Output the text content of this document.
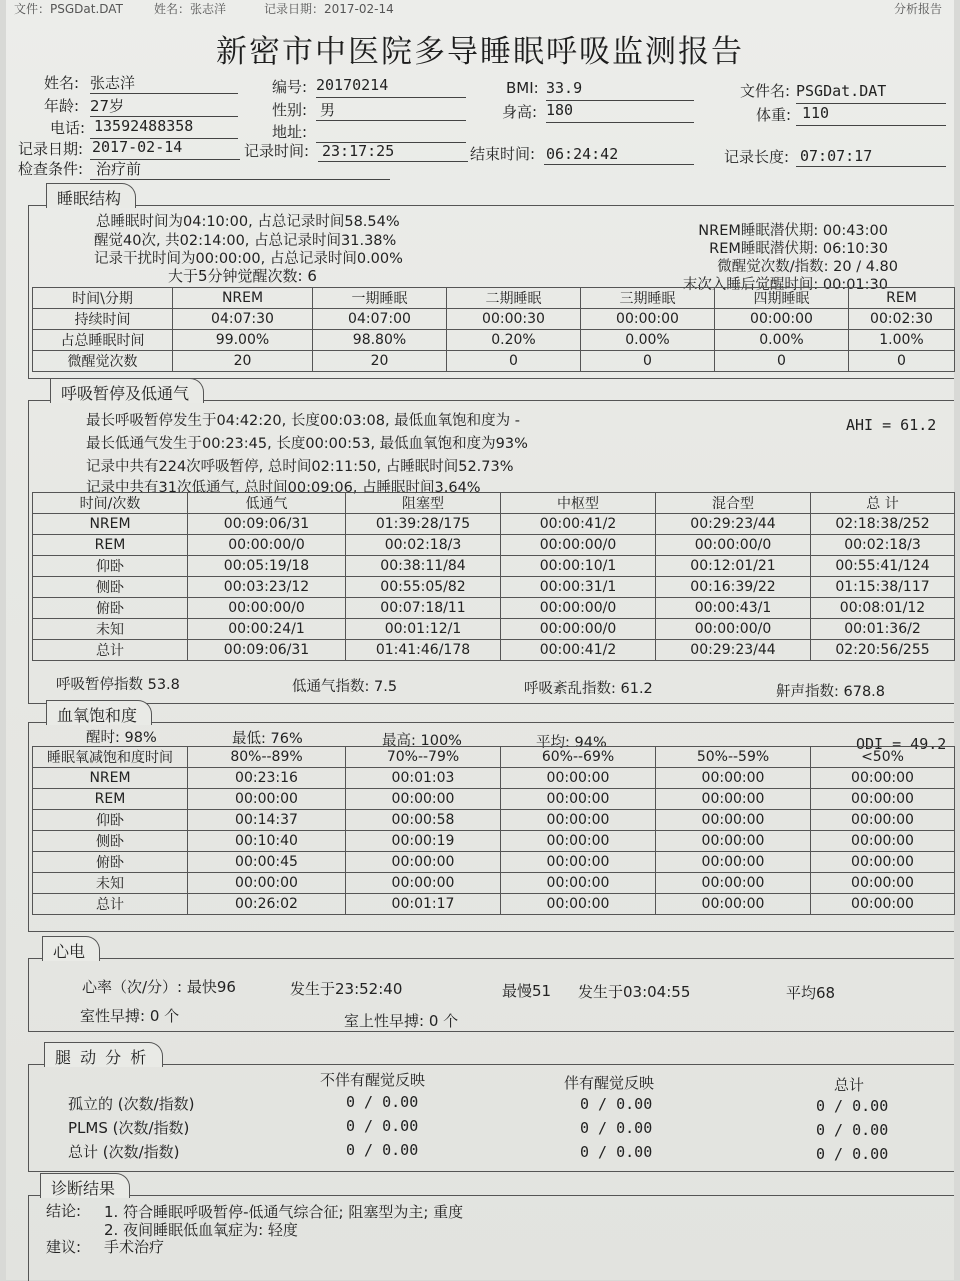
文件：PSGDat.DAT	姓名：张志洋	记录日期：2017-02-14	分析报告
新密市中医院多导睡眠呼吸监测报告
姓名: 张志洋	编号: 20170214	BMI: 33.9	文件名: PSGDat.DAT
年龄: 27岁	性别: 男	身高: 180	体重: 110
电话: 13592488358	地址:
记录日期: 2017-02-14	记录时间: 23:17:25	结束时间: 06:24:42	记录长度: 07:07:17
检查条件: 治疗前
睡眠结构
总睡眠时间为04:10:00, 占总记录时间58.54%
醒觉40次, 共02:14:00, 占总记录时间31.38%
记录干扰时间为00:00:00, 占总记录时间0.00%
大于5分钟觉醒次数: 6
NREM睡眠潜伏期: 00:43:00
REM睡眠潜伏期: 06:10:30
微醒觉次数/指数: 20 / 4.80
末次入睡后觉醒时间: 00:01:30
时间\分期	NREM	一期睡眠	二期睡眠	三期睡眠	四期睡眠	REM
持续时间	04:07:30	04:07:00	00:00:30	00:00:00	00:00:00	00:02:30
占总睡眠时间	99.00%	98.80%	0.20%	0.00%	0.00%	1.00%
微醒觉次数	20	20	0	0	0	0
呼吸暂停及低通气
最长呼吸暂停发生于04:42:20, 长度00:03:08, 最低血氧饱和度为 -
最长低通气发生于00:23:45, 长度00:00:53, 最低血氧饱和度为93%
记录中共有224次呼吸暂停, 总时间02:11:50, 占睡眠时间52.73%
记录中共有31次低通气, 总时间00:09:06, 占睡眠时间3.64%
AHI = 61.2
时间/次数	低通气	阻塞型	中枢型	混合型	总 计
NREM	00:09:06/31	01:39:28/175	00:00:41/2	00:29:23/44	02:18:38/252
REM	00:00:00/0	00:02:18/3	00:00:00/0	00:00:00/0	00:02:18/3
仰卧	00:05:19/18	00:38:11/84	00:00:10/1	00:12:01/21	00:55:41/124
侧卧	00:03:23/12	00:55:05/82	00:00:31/1	00:16:39/22	01:15:38/117
俯卧	00:00:00/0	00:07:18/11	00:00:00/0	00:00:43/1	00:08:01/12
未知	00:00:24/1	00:01:12/1	00:00:00/0	00:00:00/0	00:01:36/2
总计	00:09:06/31	01:41:46/178	00:00:41/2	00:29:23/44	02:20:56/255
呼吸暂停指数 53.8	低通气指数: 7.5	呼吸紊乱指数: 61.2	鼾声指数: 678.8
血氧饱和度
醒时: 98%	最低: 76%	最高: 100%	平均: 94%	ODI = 49.2
睡眠氧减饱和度时间	80%--89%	70%--79%	60%--69%	50%--59%	<50%
NREM	00:23:16	00:01:03	00:00:00	00:00:00	00:00:00
REM	00:00:00	00:00:00	00:00:00	00:00:00	00:00:00
仰卧	00:14:37	00:00:58	00:00:00	00:00:00	00:00:00
侧卧	00:10:40	00:00:19	00:00:00	00:00:00	00:00:00
俯卧	00:00:45	00:00:00	00:00:00	00:00:00	00:00:00
未知	00:00:00	00:00:00	00:00:00	00:00:00	00:00:00
总计	00:26:02	00:01:17	00:00:00	00:00:00	00:00:00
心电
心率（次/分）: 最快96	发生于23:52:40	最慢51 发生于03:04:55	平均68
室性早搏: 0 个	室上性早搏: 0 个
腿 动 分 析
不伴有醒觉反映	伴有醒觉反映	总计
孤立的 (次数/指数)	0 / 0.00	0 / 0.00	0 / 0.00
PLMS (次数/指数)	0 / 0.00	0 / 0.00	0 / 0.00
总计 (次数/指数)	0 / 0.00	0 / 0.00	0 / 0.00
诊断结果
结论: 1. 符合睡眠呼吸暂停-低通气综合征; 阻塞型为主; 重度
2. 夜间睡眠低血氧症为: 轻度
建议: 手术治疗
